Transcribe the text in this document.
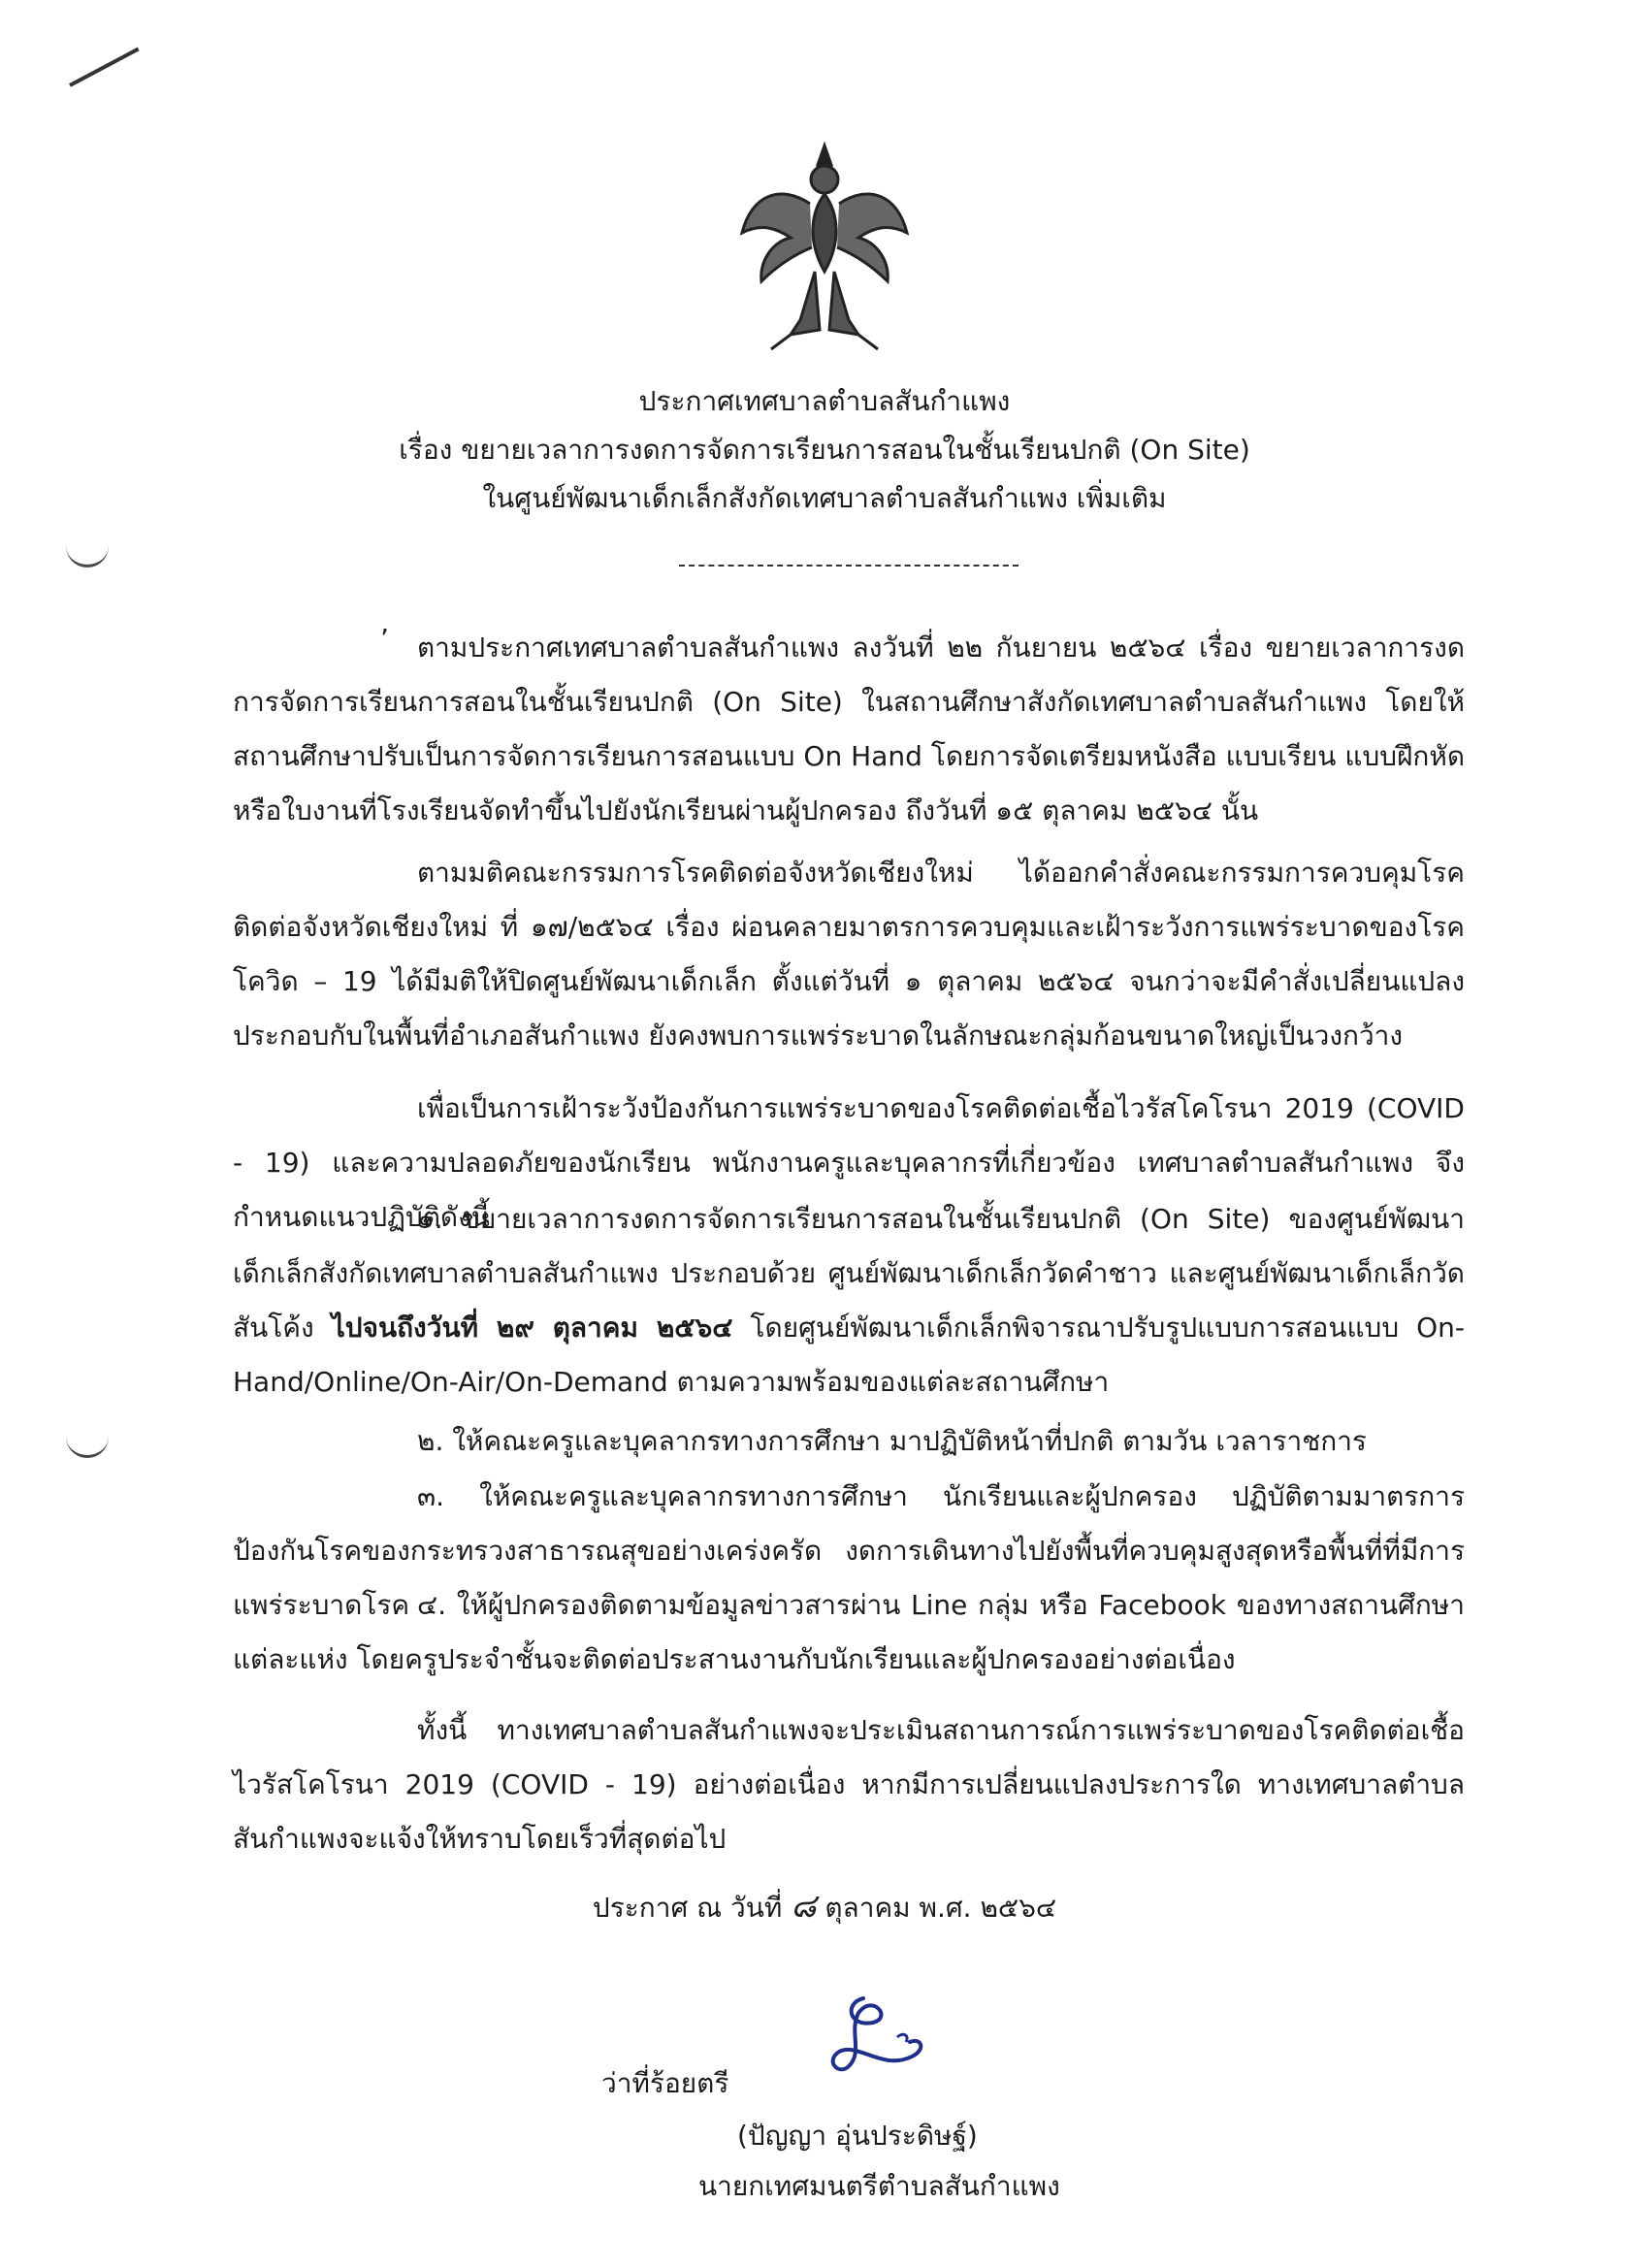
ประกาศเทศบาลตำบลสันกำแพง
เรื่อง ขยายเวลาการงดการจัดการเรียนการสอนในชั้นเรียนปกติ (On Site)
ในศูนย์พัฒนาเด็กเล็กสังกัดเทศบาลตำบลสันกำแพง เพิ่มเติม
’	ตามประกาศเทศบาลตำบลสันกำแพง ลงวันที่ ๒๒ กันยายน ๒๕๖๔ เรื่อง ขยายเวลาการงดการจัดการเรียนการสอนในชั้นเรียนปกติ (On Site) ในสถานศึกษาสังกัดเทศบาลตำบลสันกำแพง โดยให้สถานศึกษาปรับเป็นการจัดการเรียนการสอนแบบ On Hand โดยการจัดเตรียมหนังสือ แบบเรียน แบบฝึกหัด หรือใบงานที่โรงเรียนจัดทำขึ้นไปยังนักเรียนผ่านผู้ปกครอง ถึงวันที่ ๑๕ ตุลาคม ๒๕๖๔ นั้น
ตามมติคณะกรรมการโรคติดต่อจังหวัดเชียงใหม่ ได้ออกคำสั่งคณะกรรมการควบคุมโรคติดต่อจังหวัดเชียงใหม่ ที่ ๑๗/๒๕๖๔ เรื่อง ผ่อนคลายมาตรการควบคุมและเฝ้าระวังการแพร่ระบาดของโรคโควิด – 19 ได้มีมติให้ปิดศูนย์พัฒนาเด็กเล็ก ตั้งแต่วันที่ ๑ ตุลาคม ๒๕๖๔ จนกว่าจะมีคำสั่งเปลี่ยนแปลง ประกอบกับในพื้นที่อำเภอสันกำแพง ยังคงพบการแพร่ระบาดในลักษณะกลุ่มก้อนขนาดใหญ่เป็นวงกว้าง
เพื่อเป็นการเฝ้าระวังป้องกันการแพร่ระบาดของโรคติดต่อเชื้อไวรัสโคโรนา 2019 (COVID - 19) และความปลอดภัยของนักเรียน พนักงานครูและบุคลากรที่เกี่ยวข้อง เทศบาลตำบลสันกำแพง จึงกำหนดแนวปฏิบัติดังนี้
๑. ขยายเวลาการงดการจัดการเรียนการสอนในชั้นเรียนปกติ (On Site) ของศูนย์พัฒนาเด็กเล็กสังกัดเทศบาลตำบลสันกำแพง ประกอบด้วย ศูนย์พัฒนาเด็กเล็กวัดคำชาว และศูนย์พัฒนาเด็กเล็กวัดสันโค้ง ไปจนถึงวันที่ ๒๙ ตุลาคม ๒๕๖๔ โดยศูนย์พัฒนาเด็กเล็กพิจารณาปรับรูปแบบการสอนแบบ On-Hand/Online/On-Air/On-Demand ตามความพร้อมของแต่ละสถานศึกษา
๒. ให้คณะครูและบุคลากรทางการศึกษา มาปฏิบัติหน้าที่ปกติ ตามวัน เวลาราชการ
๓. ให้คณะครูและบุคลากรทางการศึกษา นักเรียนและผู้ปกครอง ปฏิบัติตามมาตรการป้องกันโรคของกระทรวงสาธารณสุขอย่างเคร่งครัด งดการเดินทางไปยังพื้นที่ควบคุมสูงสุดหรือพื้นที่ที่มีการแพร่ระบาดโรค ๔. ให้ผู้ปกครองติดตามข้อมูลข่าวสารผ่าน Line กลุ่ม หรือ Facebook ของทางสถานศึกษาแต่ละแห่ง โดยครูประจำชั้นจะติดต่อประสานงานกับนักเรียนและผู้ปกครองอย่างต่อเนื่อง
ทั้งนี้ ทางเทศบาลตำบลสันกำแพงจะประเมินสถานการณ์การแพร่ระบาดของโรคติดต่อเชื้อไวรัสโคโรนา 2019 (COVID - 19) อย่างต่อเนื่อง หากมีการเปลี่ยนแปลงประการใด ทางเทศบาลตำบลสันกำแพงจะแจ้งให้ทราบโดยเร็วที่สุดต่อไป
ประกาศ ณ วันที่ ๘ ตุลาคม พ.ศ. ๒๕๖๔
ว่าที่ร้อยตรี
(ปัญญา อุ่นประดิษฐ์)
นายกเทศมนตรีตำบลสันกำแพง
